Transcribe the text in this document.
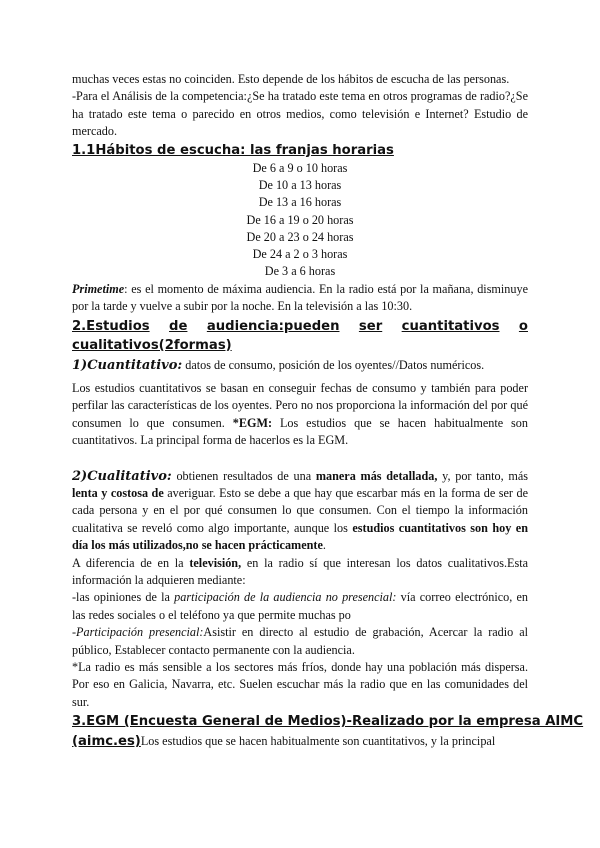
muchas veces estas no coinciden. Esto depende de los hábitos de escucha de las personas.

-Para el Análisis de la competencia:¿Se ha tratado este tema en otros programas de radio?¿Se ha tratado este tema o parecido en otros medios, como televisión e Internet? Estudio de mercado.

1.1Hábitos de escucha: las franjas horarias
De 6 a 9 o 10 horas
De 10 a 13 horas
De 13 a 16 horas
De 16 a 19 o 20 horas
De 20 a 23 o 24 horas
De 24 a 2 o 3 horas
De 3 a 6 horas

Primetime: es el momento de máxima audiencia. En la radio está por la mañana, disminuye por la tarde y vuelve a subir por la noche. En la televisión a las 10:30.

2.Estudios de audiencia:pueden ser cuantitativos o
cualitativos(2formas)

1)Cuantitativo: datos de consumo, posición de los oyentes//Datos numéricos.

Los estudios cuantitativos se basan en conseguir fechas de consumo y también para poder perfilar las características de los oyentes. Pero no nos proporciona la información del por qué consumen lo que consumen. *EGM: Los estudios que se hacen habitualmente son cuantitativos. La principal forma de hacerlos es la EGM.

2)Cualitativo: obtienen resultados de una manera más detallada, y, por tanto, más lenta y costosa de averiguar. Esto se debe a que hay que escarbar más en la forma de ser de cada persona y en el por qué consumen lo que consumen. Con el tiempo la información cualitativa se reveló como algo importante, aunque los estudios cuantitativos son hoy en día los más utilizados,no se hacen prácticamente.

A diferencia de en la televisión, en la radio sí que interesan los datos cualitativos.Esta información la adquieren mediante:

-las opiniones de la participación de la audiencia no presencial: vía correo electrónico, en las redes sociales o el teléfono ya que permite muchas po

-Participación presencial:Asistir en directo al estudio de grabación, Acercar la radio al público, Establecer contacto permanente con la audiencia.

*La radio es más sensible a los sectores más fríos, donde hay una población más dispersa. Por eso en Galicia, Navarra, etc. Suelen escuchar más la radio que en las comunidades del sur.

3.EGM (Encuesta General de Medios)-Realizado por la empresa AIMC

(aimc.es)Los estudios que se hacen habitualmente son cuantitativos, y la principal
